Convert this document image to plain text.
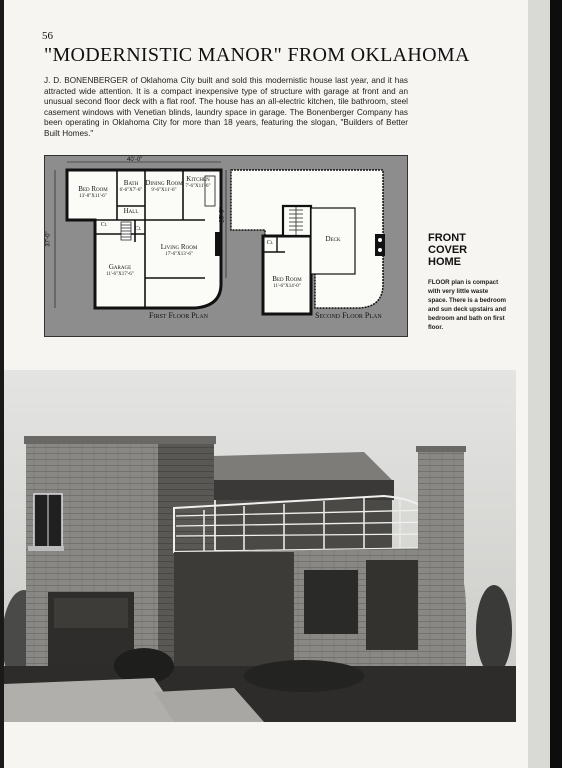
56
"MODERNISTIC MANOR" FROM OKLAHOMA
J. D. BONENBERGER of Oklahoma City built and sold this modernistic house last year, and it has attracted wide attention. It is a compact inexpensive type of structure with garage at front and an unusual second floor deck with a flat roof. The house has an all-electric kitchen, tile bathroom, steel casement windows with Venetian blinds, laundry space in garage. The Bonenberger Company has been operating in Oklahoma City for more than 18 years, featuring the slogan, "Builders of Better Built Homes."
40'-0"
37'-0"
25'-8"
Bed Room
13'-0"X11'-6"
Bath
6'-6"X7'-6"
Dining Room
9'-6"X11'-6"
Kitchen
7'-6"X11'-6"
Hall
Living Room
17'-6"X13'-6"
Garage
11'-6"X17'-6"
Cl
Cl
Deck
Bed Room
11'-6"X14'-0"
Cl
First Floor Plan	Second Floor Plan
FRONT
COVER
HOME
FLOOR plan is compact with very little waste space. There is a bedroom and sun deck upstairs and bedroom and bath on first floor.
